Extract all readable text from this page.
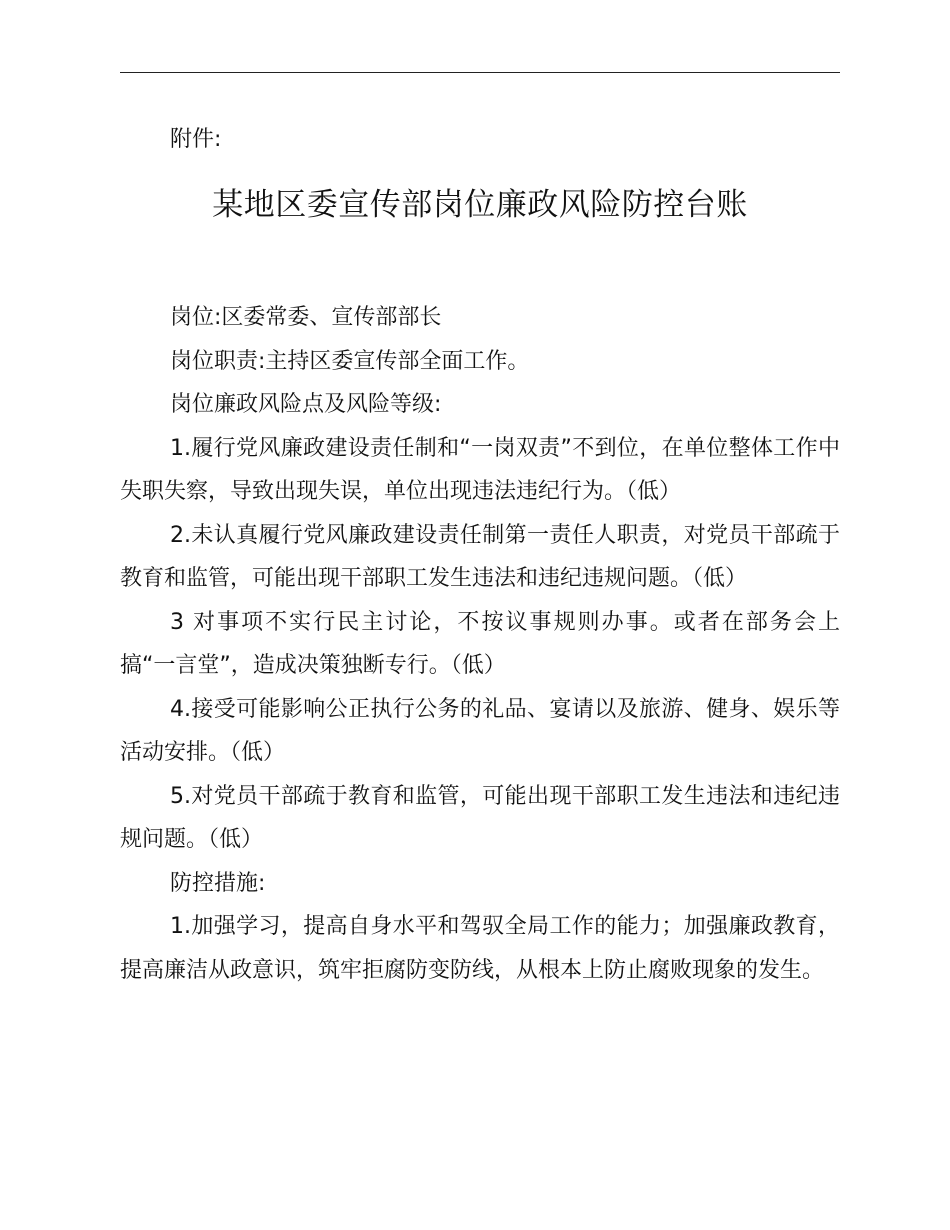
附件:

某地区委宣传部岗位廉政风险防控台账

岗位:区委常委、宣传部部长

岗位职责:主持区委宣传部全面工作。

岗位廉政风险点及风险等级:

1.履行党风廉政建设责任制和“一岗双责”不到位，在单位整体工作中失职失察，导致出现失误，单位出现违法违纪行为。（低）

2.未认真履行党风廉政建设责任制第一责任人职责，对党员干部疏于教育和监管，可能出现干部职工发生违法和违纪违规问题。（低）

3 对事项不实行民主讨论，不按议事规则办事。或者在部务会上搞“一言堂”，造成决策独断专行。（低）

4.接受可能影响公正执行公务的礼品、宴请以及旅游、健身、娱乐等活动安排。（低）

5.对党员干部疏于教育和监管，可能出现干部职工发生违法和违纪违规问题。（低）

防控措施:

1.加强学习，提高自身水平和驾驭全局工作的能力；加强廉政教育，提高廉洁从政意识，筑牢拒腐防变防线，从根本上防止腐败现象的发生。
